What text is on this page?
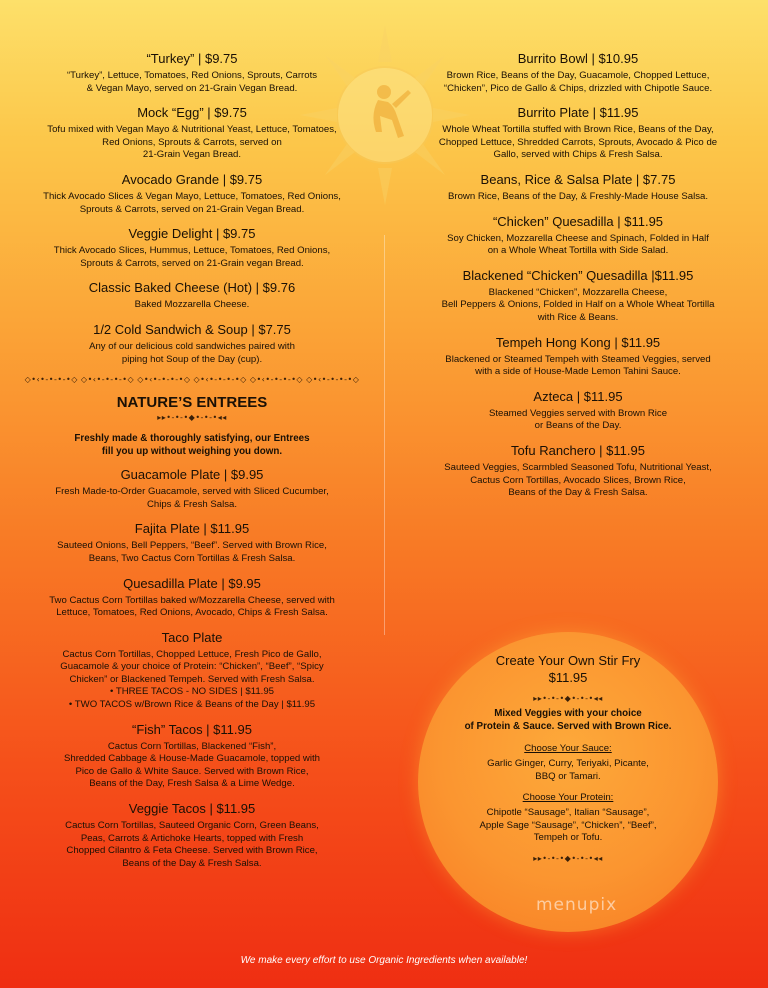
“Turkey” | $9.75
“Turkey”, Lettuce, Tomatoes, Red Onions, Sprouts, Carrots
& Vegan Mayo, served on 21-Grain Vegan Bread.
Mock “Egg” | $9.75
Tofu mixed with Vegan Mayo & Nutritional Yeast, Lettuce, Tomatoes,
Red Onions, Sprouts & Carrots, served on
21-Grain Vegan Bread.
Avocado Grande | $9.75
Thick Avocado Slices & Vegan Mayo, Lettuce, Tomatoes, Red Onions,
Sprouts & Carrots, served on 21-Grain Vegan Bread.
Veggie Delight | $9.75
Thick Avocado Slices, Hummus, Lettuce, Tomatoes, Red Onions,
Sprouts & Carrots, served on 21-Grain vegan Bread.
Classic Baked Cheese (Hot) | $9.76
Baked Mozzarella Cheese.
1/2 Cold Sandwich & Soup | $7.75
Any of our delicious cold sandwiches paired with
piping hot Soup of the Day (cup).
◇•‹•-•-•-•◇ ◇•‹•-•-•-•◇ ◇•‹•-•-•-•◇ ◇•‹•-•-•-•◇ ◇•‹•-•-•-•◇ ◇•‹•-•-•-•◇
NATURE’S ENTREES
▸▸•-•-•◆•-•-•◂◂
Freshly made & thoroughly satisfying, our Entrees
fill you up without weighing you down.
Guacamole Plate | $9.95
Fresh Made-to-Order Guacamole, served with Sliced Cucumber,
Chips & Fresh Salsa.
Fajita Plate | $11.95
Sauteed Onions, Bell Peppers, “Beef”. Served with Brown Rice,
Beans, Two Cactus Corn Tortillas & Fresh Salsa.
Quesadilla Plate | $9.95
Two Cactus Corn Tortillas baked w/Mozzarella Cheese, served with
Lettuce, Tomatoes, Red Onions, Avocado, Chips & Fresh Salsa.
Taco Plate
Cactus Corn Tortillas, Chopped Lettuce, Fresh Pico de Gallo,
Guacamole & your choice of Protein: “Chicken”, “Beef”, “Spicy
Chicken” or Blackened Tempeh. Served with Fresh Salsa.
• THREE TACOS - NO SIDES | $11.95
• TWO TACOS w/Brown Rice & Beans of the Day | $11.95
“Fish” Tacos | $11.95
Cactus Corn Tortillas, Blackened “Fish”,
Shredded Cabbage & House-Made Guacamole, topped with
Pico de Gallo & White Sauce. Served with Brown Rice,
Beans of the Day, Fresh Salsa & a Lime Wedge.
Veggie Tacos | $11.95
Cactus Corn Tortillas, Sauteed Organic Corn, Green Beans,
Peas, Carrots & Artichoke Hearts, topped with Fresh
Chopped Cilantro & Feta Cheese. Served with Brown Rice,
Beans of the Day & Fresh Salsa.
Burrito Bowl | $10.95
Brown Rice, Beans of the Day, Guacamole, Chopped Lettuce,
“Chicken”, Pico de Gallo & Chips, drizzled with Chipotle Sauce.
Burrito Plate | $11.95
Whole Wheat Tortilla stuffed with Brown Rice, Beans of the Day,
Chopped Lettuce, Shredded Carrots, Sprouts, Avocado & Pico de
Gallo, served with Chips & Fresh Salsa.
Beans, Rice & Salsa Plate | $7.75
Brown Rice, Beans of the Day, & Freshly-Made House Salsa.
“Chicken” Quesadilla | $11.95
Soy Chicken, Mozzarella Cheese and Spinach, Folded in Half
on a Whole Wheat Tortilla with Side Salad.
Blackened “Chicken” Quesadilla |$11.95
Blackened “Chicken”, Mozzarella Cheese,
Bell Peppers & Onions, Folded in Half on a Whole Wheat Tortilla
with Rice & Beans.
Tempeh Hong Kong | $11.95
Blackened or Steamed Tempeh with Steamed Veggies, served
with a side of House-Made Lemon Tahini Sauce.
Azteca | $11.95
Steamed Veggies served with Brown Rice
or Beans of the Day.
Tofu Ranchero | $11.95
Sauteed Veggies, Scarmbled Seasoned Tofu, Nutritional Yeast,
Cactus Corn Tortillas, Avocado Slices, Brown Rice,
Beans of the Day & Fresh Salsa.
Create Your Own Stir Fry
$11.95
▸▸•-•-•◆•-•-•◂◂
Mixed Veggies with your choice
of Protein & Sauce. Served with Brown Rice.
Choose Your Sauce:
Garlic Ginger, Curry, Teriyaki, Picante,
BBQ or Tamari.
Choose Your Protein:
Chipotle “Sausage”, Italian “Sausage”,
Apple Sage “Sausage”, “Chicken”, “Beef”,
Tempeh or Tofu.
▸▸•-•-•◆•-•-•◂◂
menupix
We make every effort to use Organic Ingredients when available!
